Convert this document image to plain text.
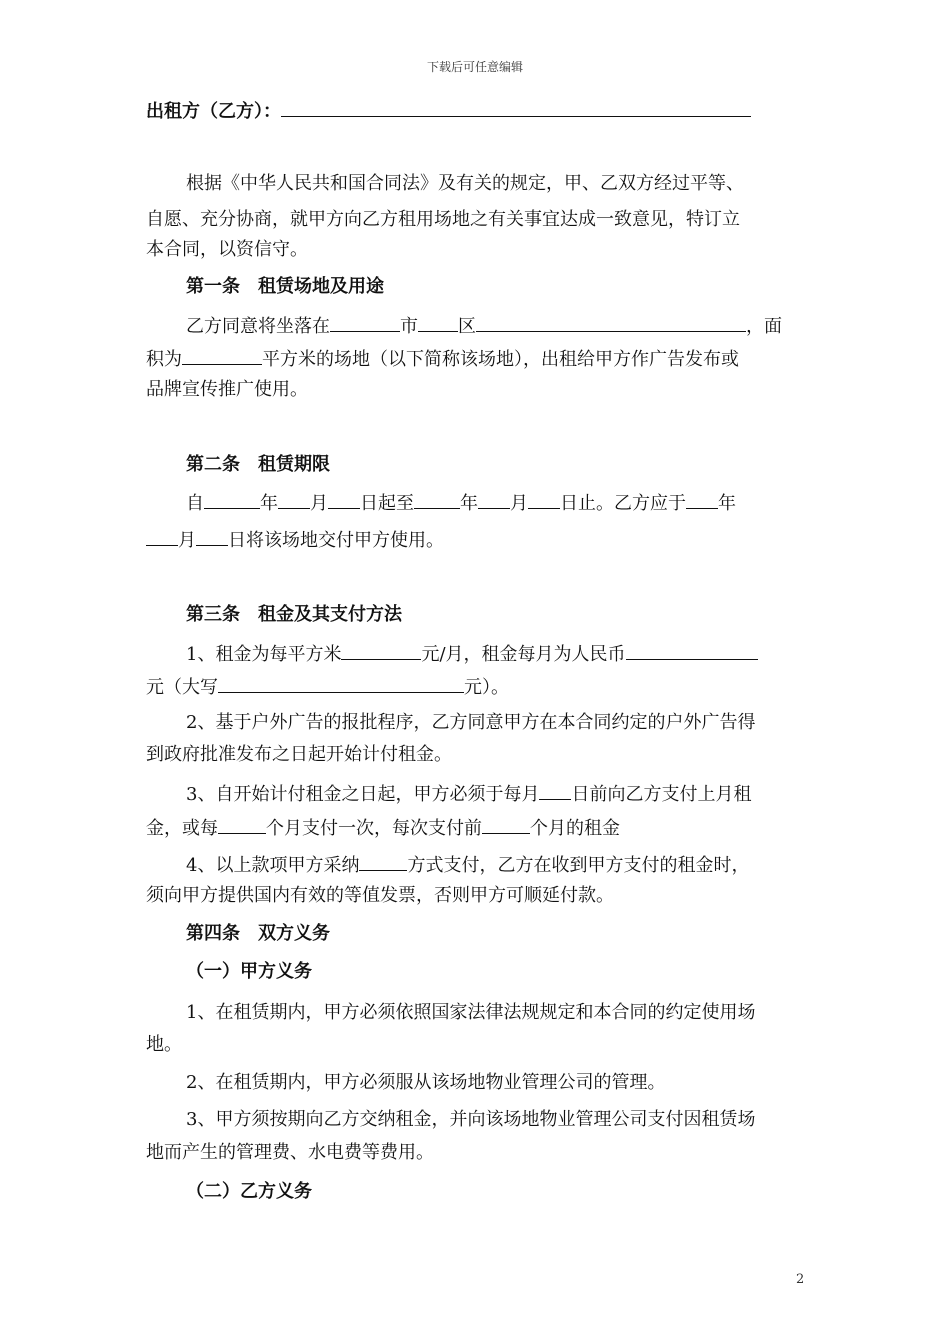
下载后可任意编辑
出租方（乙方）：
根据《中华人民共和国合同法》及有关的规定，甲、乙双方经过平等、
自愿、充分协商，就甲方向乙方租用场地之有关事宜达成一致意见，特订立
本合同，以资信守。
第一条　租赁场地及用途
乙方同意将坐落在	市 区	，面
积为	平方米的场地（以下简称该场地），出租给甲方作广告发布或
品牌宣传推广使用。
第二条　租赁期限
自	年 月 日起至	年 月 日止。乙方应于 年
月 日将该场地交付甲方使用。
第三条　租金及其支付方法
1、租金为每平方米	元/月，租金每月为人民币
元（大写	元）。
2、基于户外广告的报批程序，乙方同意甲方在本合同约定的户外广告得
到政府批准发布之日起开始计付租金。
3、自开始计付租金之日起，甲方必须于每月 日前向乙方支付上月租
金，或每	个月支付一次，每次支付前	个月的租金
4、以上款项甲方采纳	方式支付，乙方在收到甲方支付的租金时，
须向甲方提供国内有效的等值发票，否则甲方可顺延付款。
第四条　双方义务
（一）甲方义务
1、在租赁期内，甲方必须依照国家法律法规规定和本合同的约定使用场
地。
2、在租赁期内，甲方必须服从该场地物业管理公司的管理。
3、甲方须按期向乙方交纳租金，并向该场地物业管理公司支付因租赁场
地而产生的管理费、水电费等费用。
（二）乙方义务
2
